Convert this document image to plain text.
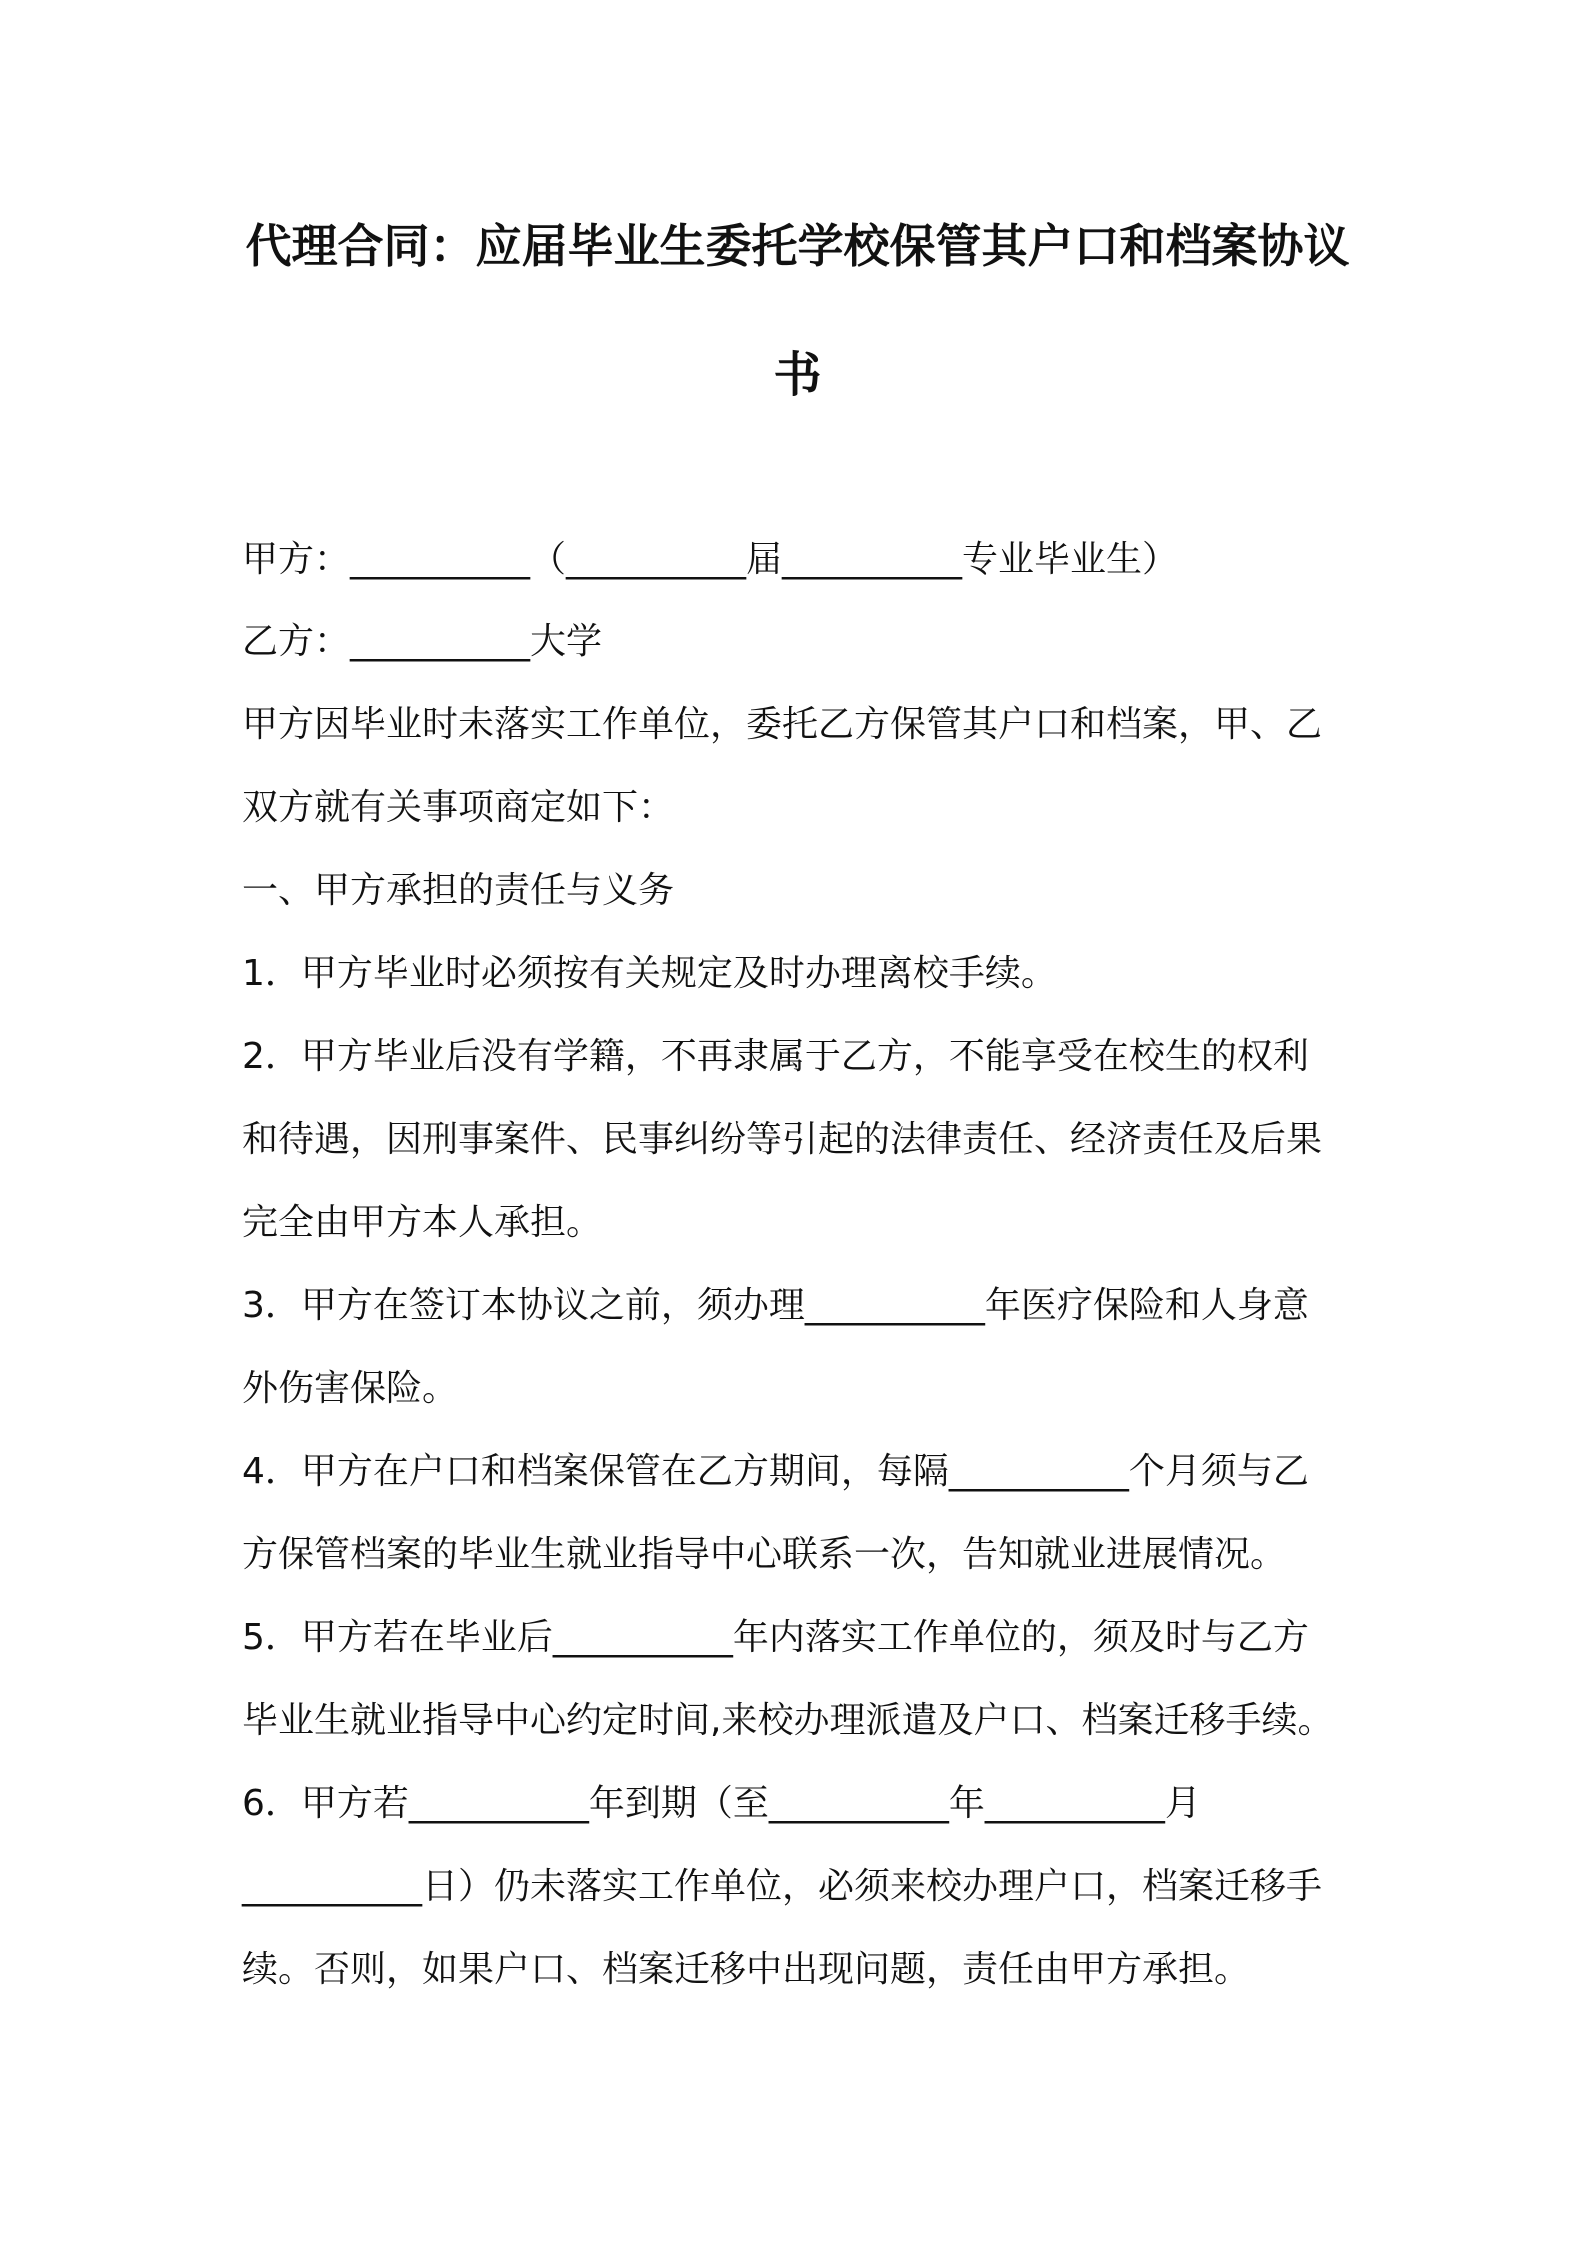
代理合同：应届毕业生委托学校保管其户口和档案协议
书
甲方：__________（__________届__________专业毕业生）
乙方：__________大学
甲方因毕业时未落实工作单位，委托乙方保管其户口和档案，甲、乙
双方就有关事项商定如下：
一、甲方承担的责任与义务
1．甲方毕业时必须按有关规定及时办理离校手续。
2．甲方毕业后没有学籍，不再隶属于乙方，不能享受在校生的权利
和待遇，因刑事案件、民事纠纷等引起的法律责任、经济责任及后果
完全由甲方本人承担。
3．甲方在签订本协议之前，须办理__________年医疗保险和人身意
外伤害保险。
4．甲方在户口和档案保管在乙方期间，每隔__________个月须与乙
方保管档案的毕业生就业指导中心联系一次，告知就业进展情况。
5．甲方若在毕业后__________年内落实工作单位的，须及时与乙方
毕业生就业指导中心约定时间,来校办理派遣及户口、档案迁移手续。
6．甲方若__________年到期（至__________年__________月
__________日）仍未落实工作单位，必须来校办理户口，档案迁移手
续。否则，如果户口、档案迁移中出现问题，责任由甲方承担。
